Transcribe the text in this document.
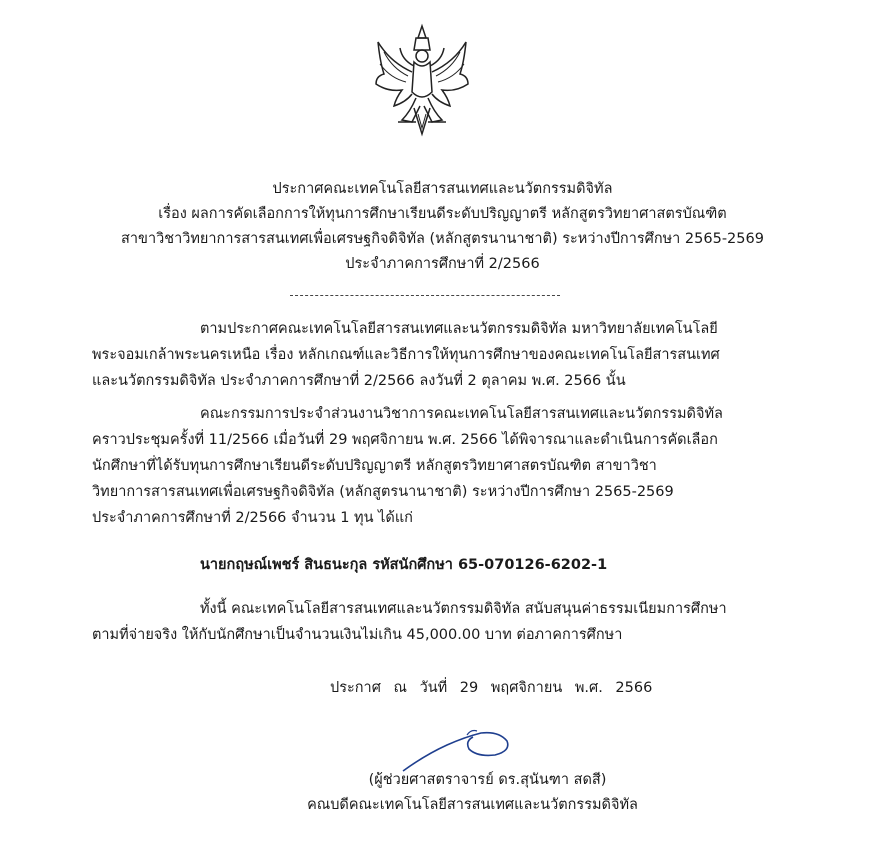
ประกาศคณะเทคโนโลยีสารสนเทศและนวัตกรรมดิจิทัล
เรื่อง ผลการคัดเลือกการให้ทุนการศึกษาเรียนดีระดับปริญญาตรี หลักสูตรวิทยาศาสตรบัณฑิต
สาขาวิชาวิทยาการสารสนเทศเพื่อเศรษฐกิจดิจิทัล (หลักสูตรนานาชาติ) ระหว่างปีการศึกษา 2565-2569
ประจำภาคการศึกษาที่ 2/2566
ตามประกาศคณะเทคโนโลยีสารสนเทศและนวัตกรรมดิจิทัล มหาวิทยาลัยเทคโนโลยี
พระจอมเกล้าพระนครเหนือ เรื่อง หลักเกณฑ์และวิธีการให้ทุนการศึกษาของคณะเทคโนโลยีสารสนเทศ
และนวัตกรรมดิจิทัล ประจำภาคการศึกษาที่ 2/2566 ลงวันที่ 2 ตุลาคม พ.ศ. 2566 นั้น
คณะกรรมการประจำส่วนงานวิชาการคณะเทคโนโลยีสารสนเทศและนวัตกรรมดิจิทัล
คราวประชุมครั้งที่ 11/2566 เมื่อวันที่ 29 พฤศจิกายน พ.ศ. 2566 ได้พิจารณาและดำเนินการคัดเลือก
นักศึกษาที่ได้รับทุนการศึกษาเรียนดีระดับปริญญาตรี หลักสูตรวิทยาศาสตรบัณฑิต สาขาวิชา
วิทยาการสารสนเทศเพื่อเศรษฐกิจดิจิทัล (หลักสูตรนานาชาติ) ระหว่างปีการศึกษา 2565-2569
ประจำภาคการศึกษาที่ 2/2566 จำนวน 1 ทุน ได้แก่
นายกฤษณ์เพชร์ สินธนะกุล รหัสนักศึกษา 65-070126-6202-1
ทั้งนี้ คณะเทคโนโลยีสารสนเทศและนวัตกรรมดิจิทัล สนับสนุนค่าธรรมเนียมการศึกษา
ตามที่จ่ายจริง ให้กับนักศึกษาเป็นจำนวนเงินไม่เกิน 45,000.00 บาท ต่อภาคการศึกษา
ประกาศ ณ วันที่ 29 พฤศจิกายน พ.ศ. 2566
(ผู้ช่วยศาสตราจารย์ ดร.สุนันฑา สดสี)
คณบดีคณะเทคโนโลยีสารสนเทศและนวัตกรรมดิจิทัล
